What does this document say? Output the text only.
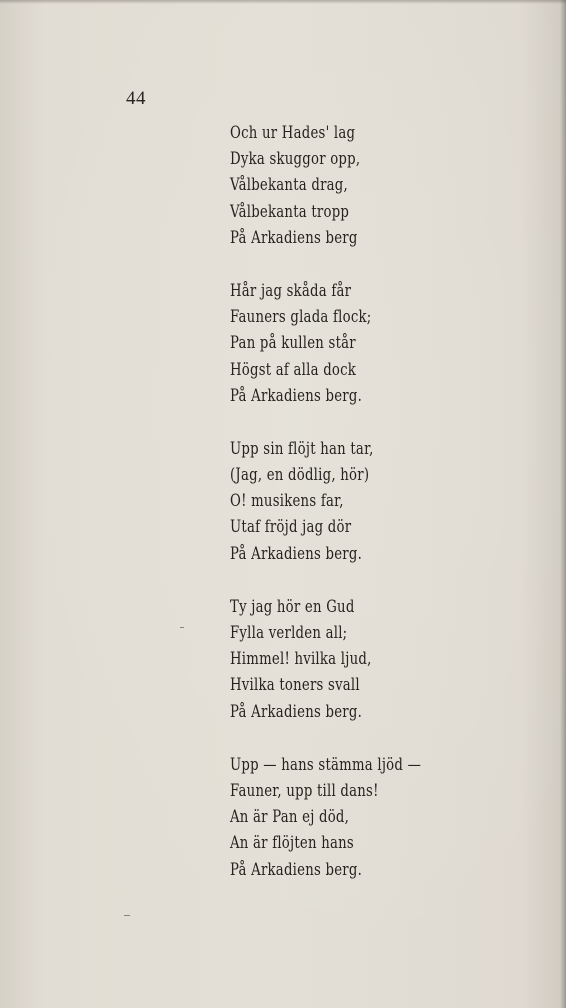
⠀
44
Och ur Hades' lag
Dyka skuggor opp,
Vålbekanta drag,
Vålbekanta tropp
På Arkadiens berg
Hår jag skåda får
Fauners glada flock;
Pan på kullen står
Högst af alla dock
På Arkadiens berg.
Upp sin flöjt han tar,
(Jag, en dödlig, hör)
O! musikens far,
Utaf fröjd jag dör
På Arkadiens berg.
Ty jag hör en Gud
Fylla verlden all;
Himmel! hvilka ljud,
Hvilka toners svall
På Arkadiens berg.
Upp — hans stämma ljöd —
Fauner, upp till dans!
An är Pan ej död,
An är flöjten hans
På Arkadiens berg.
